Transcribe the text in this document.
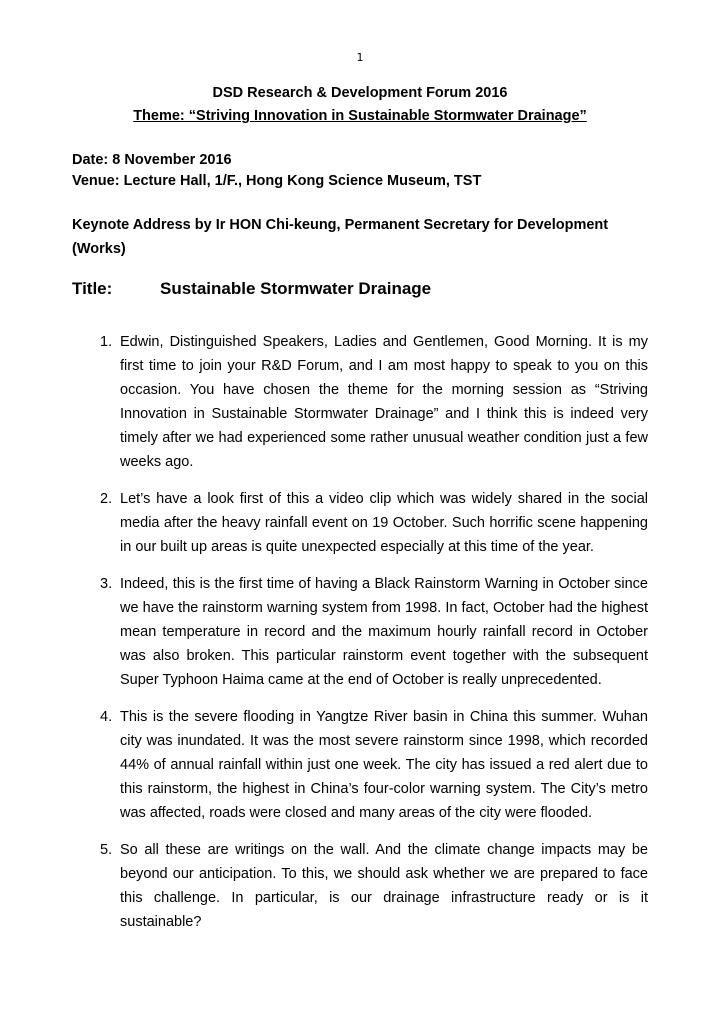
1
DSD Research & Development Forum 2016
Theme: “Striving Innovation in Sustainable Stormwater Drainage”
Date: 8 November 2016
Venue: Lecture Hall, 1/F., Hong Kong Science Museum, TST
Keynote Address by Ir HON Chi-keung, Permanent Secretary for Development (Works)
Title:	Sustainable Stormwater Drainage
1. Edwin, Distinguished Speakers, Ladies and Gentlemen, Good Morning. It is my first time to join your R&D Forum, and I am most happy to speak to you on this occasion. You have chosen the theme for the morning session as “Striving Innovation in Sustainable Stormwater Drainage” and I think this is indeed very timely after we had experienced some rather unusual weather condition just a few weeks ago.
2. Let’s have a look first of this a video clip which was widely shared in the social media after the heavy rainfall event on 19 October. Such horrific scene happening in our built up areas is quite unexpected especially at this time of the year.
3. Indeed, this is the first time of having a Black Rainstorm Warning in October since we have the rainstorm warning system from 1998. In fact, October had the highest mean temperature in record and the maximum hourly rainfall record in October was also broken. This particular rainstorm event together with the subsequent Super Typhoon Haima came at the end of October is really unprecedented.
4. This is the severe flooding in Yangtze River basin in China this summer. Wuhan city was inundated. It was the most severe rainstorm since 1998, which recorded 44% of annual rainfall within just one week. The city has issued a red alert due to this rainstorm, the highest in China’s four-color warning system. The City’s metro was affected, roads were closed and many areas of the city were flooded.
5. So all these are writings on the wall. And the climate change impacts may be beyond our anticipation. To this, we should ask whether we are prepared to face this challenge. In particular, is our drainage infrastructure ready or is it sustainable?
